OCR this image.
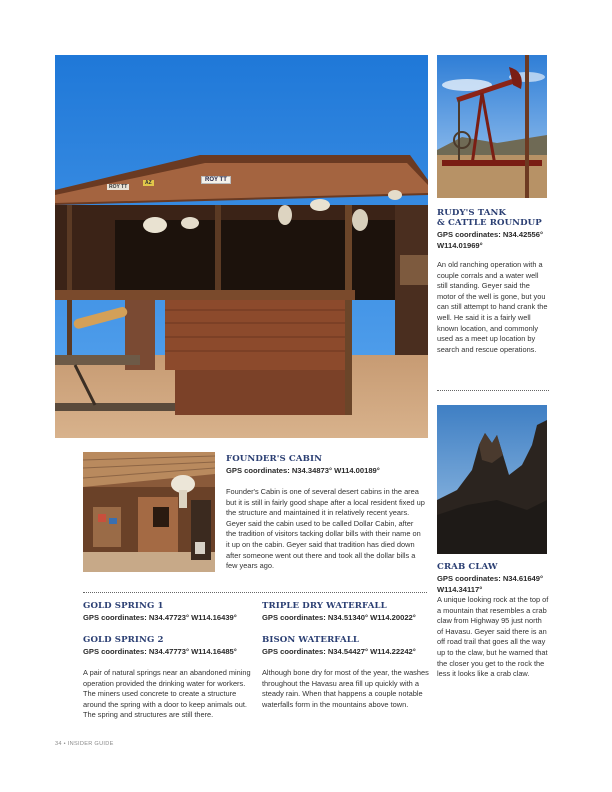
ROY TT
AZ	ROY TT
RUDY'S TANK
& CATTLE ROUNDUP
GPS coordinates: N34.42556°
W114.01969°
An old ranching operation with a couple corrals and a water well still standing. Geyer said the motor of the well is gone, but you can still attempt to hand crank the well. He said it is a fairly well known location, and commonly used as a meet up location by search and rescue operations.
CRAB CLAW
GPS coordinates: N34.61649°
W114.34117°
A unique looking rock at the top of a mountain that resembles a crab claw from Highway 95 just north of Havasu. Geyer said there is an off road trail that goes all the way up to the claw, but he warned that the closer you get to the rock the less it looks like a crab claw.
FOUNDER'S CABIN
GPS coordinates: N34.34873° W114.00189°
Founder's Cabin is one of several desert cabins in the area but it is still in fairly good shape after a local resident fixed up the structure and maintained it in relatively recent years. Geyer said the cabin used to be called Dollar Cabin, after the tradition of visitors tacking dollar bills with their name on it up on the cabin. Geyer said that tradition has died down after someone went out there and took all the dollar bills a few years ago.
GOLD SPRING 1
GPS coordinates: N34.47723° W114.16439°
GOLD SPRING 2
GPS coordinates: N34.47773° W114.16485°
A pair of natural springs near an abandoned mining operation provided the drinking water for workers. The miners used concrete to create a structure around the spring with a door to keep animals out. The spring and structures are still there.
TRIPLE DRY WATERFALL
GPS coordinates: N34.51340° W114.20022°
BISON WATERFALL
GPS coordinates: N34.54427° W114.22242°
Although bone dry for most of the year, the washes throughout the Havasu area fill up quickly with a steady rain. When that happens a couple notable waterfalls form in the mountains above town.
34 • INSIDER GUIDE
